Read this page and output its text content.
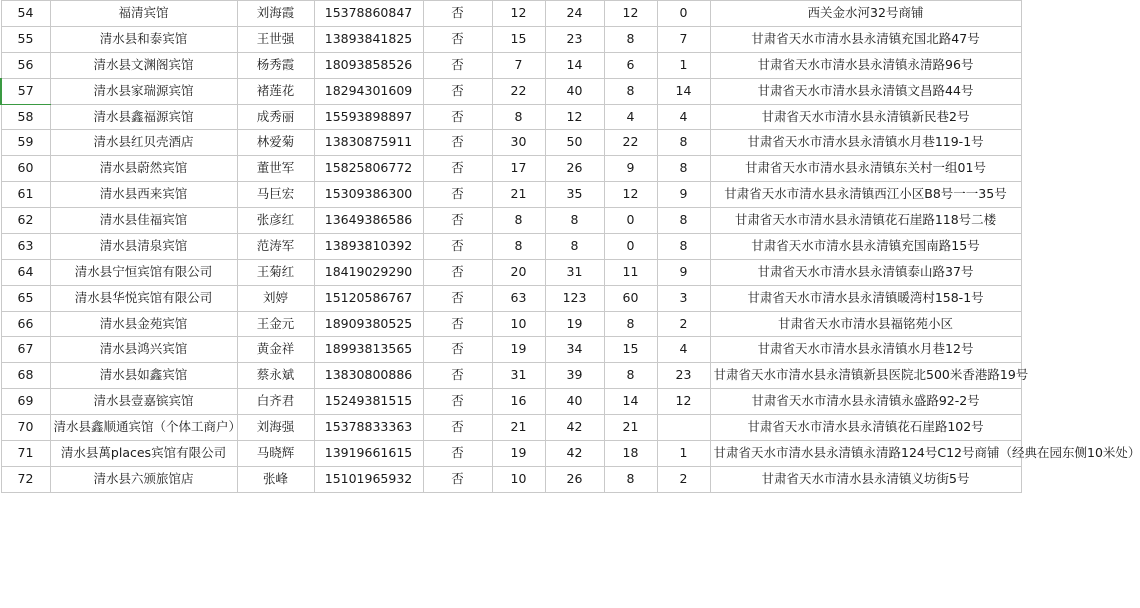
54	福清宾馆	刘海霞	15378860847	否	12	24	12	0	西关金水河32号商铺
55	清水县和泰宾馆	王世强	13893841825	否	15	23	8	7	甘肃省天水市清水县永清镇充国北路47号
56	清水县文渊阁宾馆	杨秀霞	18093858526	否	7	14	6	1	甘肃省天水市清水县永清镇永清路96号
57	清水县家瑞源宾馆	褚莲花	18294301609	否	22	40	8	14	甘肃省天水市清水县永清镇文昌路44号
58	清水县鑫福源宾馆	成秀丽	15593898897	否	8	12	4	4	甘肃省天水市清水县永清镇新民巷2号
59	清水县红贝壳酒店	林爱菊	13830875911	否	30	50	22	8	甘肃省天水市清水县永清镇水月巷119-1号
60	清水县蔚然宾馆	董世军	15825806772	否	17	26	9	8	甘肃省天水市清水县永清镇东关村一组01号
61	清水县西来宾馆	马巨宏	15309386300	否	21	35	12	9	甘肃省天水市清水县永清镇西江小区B8号一一35号
62	清水县佳福宾馆	张彦红	13649386586	否	8	8	0	8	甘肃省天水市清水县永清镇花石崖路118号二楼
63	清水县清泉宾馆	范涛军	13893810392	否	8	8	0	8	甘肃省天水市清水县永清镇充国南路15号
64	清水县宁恒宾馆有限公司	王菊红	18419029290	否	20	31	11	9	甘肃省天水市清水县永清镇泰山路37号
65	清水县华悦宾馆有限公司	刘婷	15120586767	否	63	123	60	3	甘肃省天水市清水县永清镇暖湾村158-1号
66	清水县金苑宾馆	王金元	18909380525	否	10	19	8	2	甘肃省天水市清水县福铭苑小区
67	清水县鸿兴宾馆	黄金祥	18993813565	否	19	34	15	4	甘肃省天水市清水县永清镇水月巷12号
68	清水县如鑫宾馆	蔡永斌	13830800886	否	31	39	8	23	甘肃省天水市清水县永清镇新县医院北500米香港路19号
69	清水县壹嘉镔宾馆	白齐君	15249381515	否	16	40	14	12	甘肃省天水市清水县永清镇永盛路92-2号
70	清水县鑫顺通宾馆（个体工商户）	刘海强	15378833363	否	21	42	21		甘肃省天水市清水县永清镇花石崖路102号
71	清水县萬places宾馆有限公司	马晓辉	13919661615	否	19	42	18	1	甘肃省天水市清水县永清镇永清路124号C12号商铺（经典在园东侧10米处）
72	清水县六颁旅馆店	张峰	15101965932	否	10	26	8	2	甘肃省天水市清水县永清镇义坊街5号
